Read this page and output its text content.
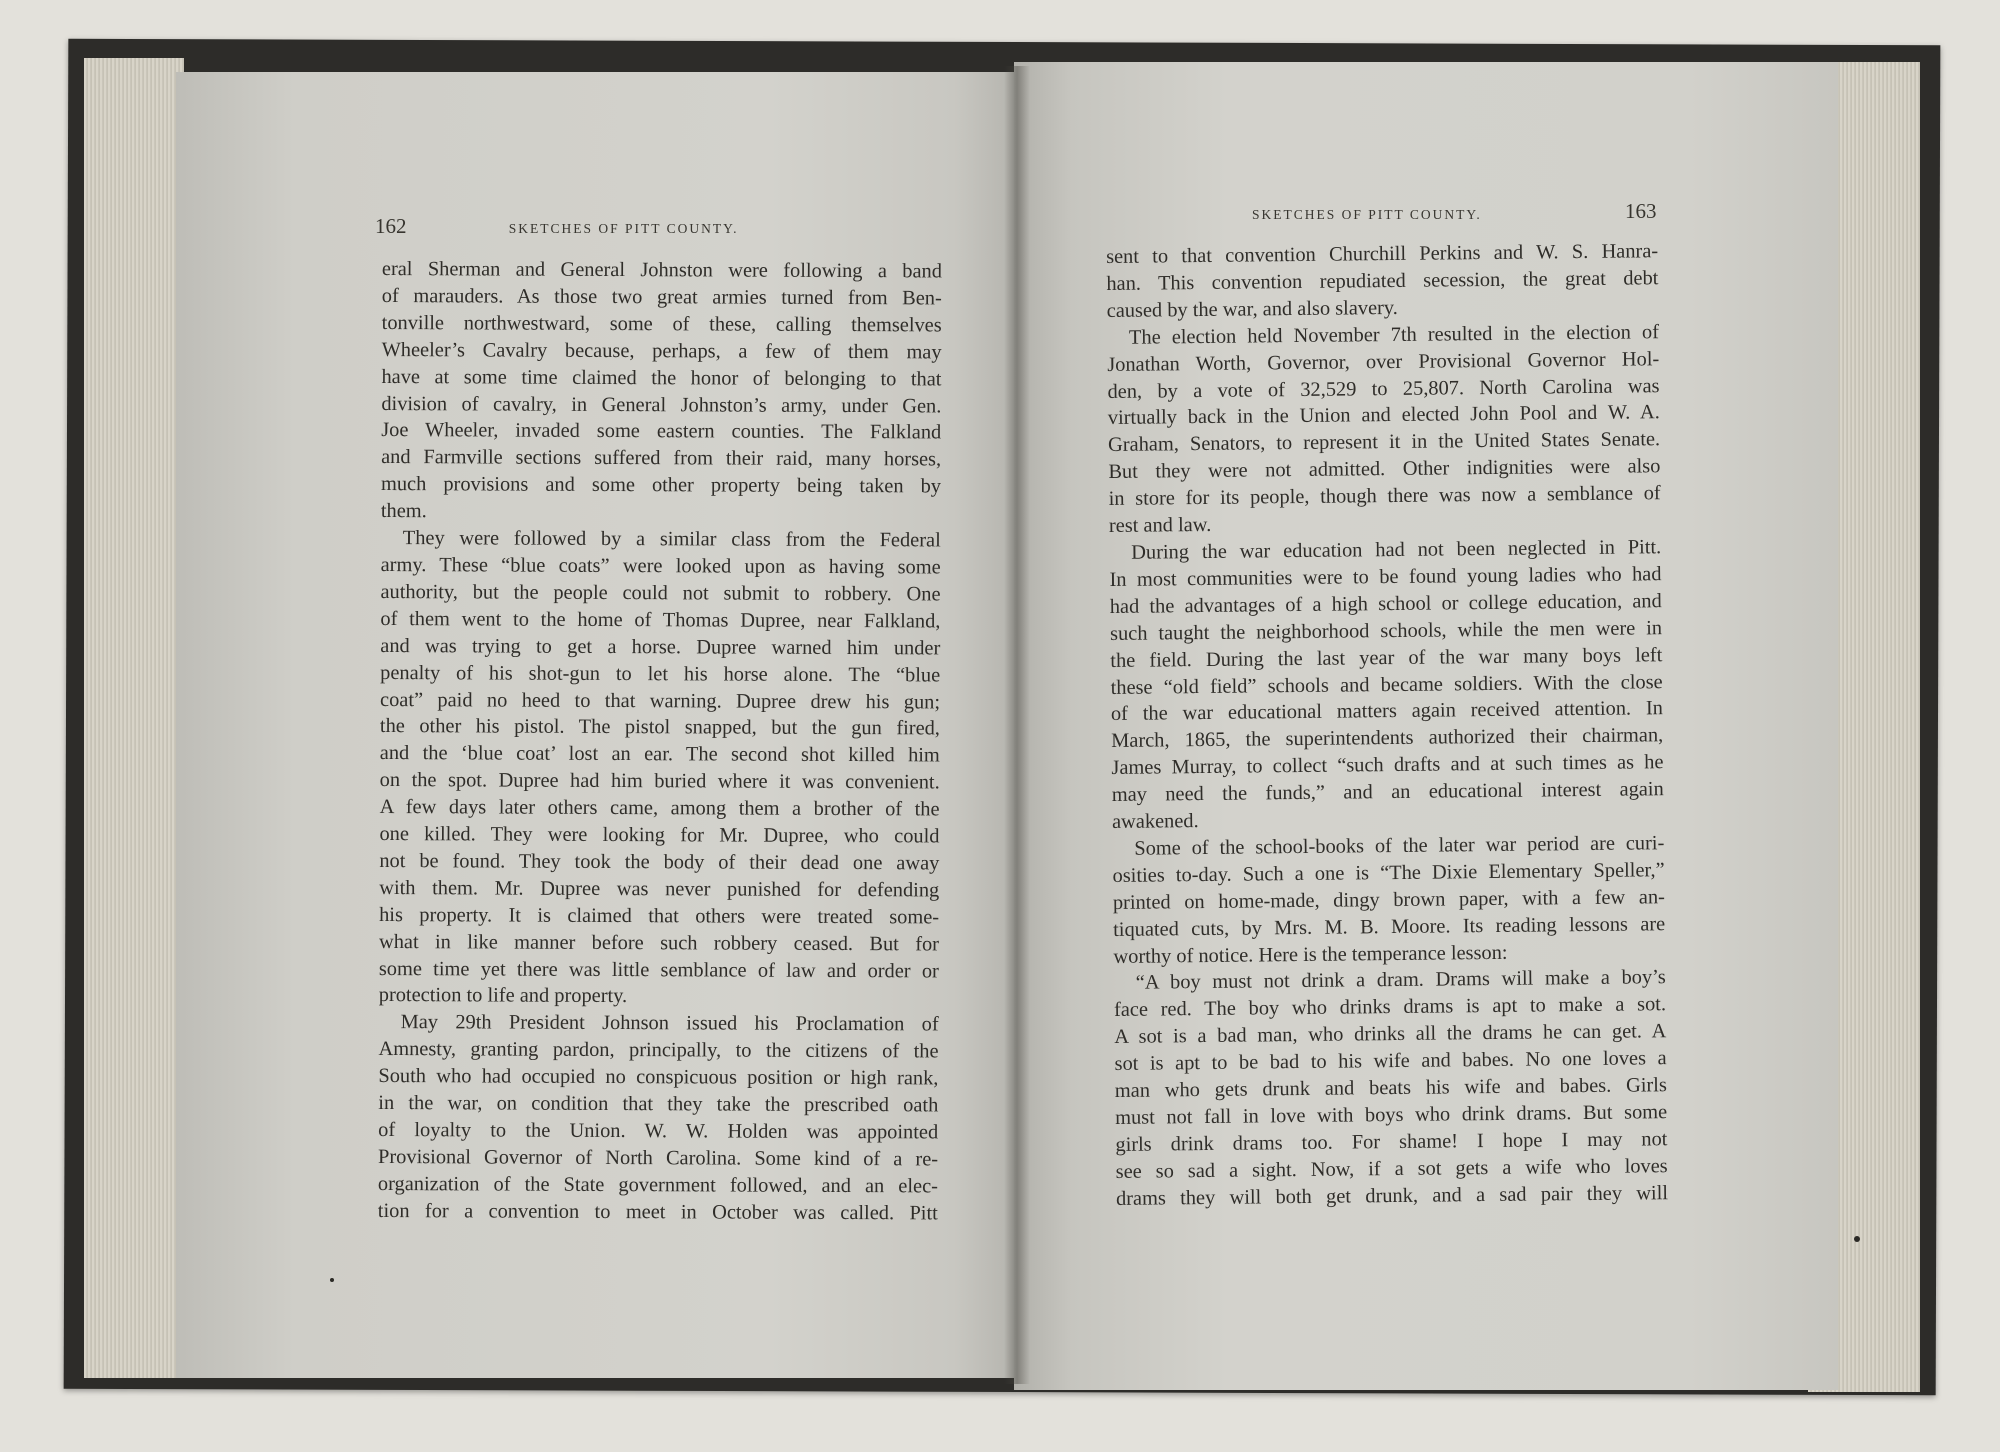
162	SKETCHES OF PITT COUNTY.
SKETCHES OF PITT COUNTY.	163
eral Sherman and General Johnston were following a band
of marauders. As those two great armies turned from Ben-
tonville northwestward, some of these, calling themselves
Wheeler’s Cavalry because, perhaps, a few of them may
have at some time claimed the honor of belonging to that
division of cavalry, in General Johnston’s army, under Gen.
Joe Wheeler, invaded some eastern counties. The Falkland
and Farmville sections suffered from their raid, many horses,
much provisions and some other property being taken by
them.
They were followed by a similar class from the Federal
army. These “blue coats” were looked upon as having some
authority, but the people could not submit to robbery. One
of them went to the home of Thomas Dupree, near Falkland,
and was trying to get a horse. Dupree warned him under
penalty of his shot-gun to let his horse alone. The “blue
coat” paid no heed to that warning. Dupree drew his gun;
the other his pistol. The pistol snapped, but the gun fired,
and the ‘blue coat’ lost an ear. The second shot killed him
on the spot. Dupree had him buried where it was convenient.
A few days later others came, among them a brother of the
one killed. They were looking for Mr. Dupree, who could
not be found. They took the body of their dead one away
with them. Mr. Dupree was never punished for defending
his property. It is claimed that others were treated some-
what in like manner before such robbery ceased. But for
some time yet there was little semblance of law and order or
protection to life and property.
May 29th President Johnson issued his Proclamation of
Amnesty, granting pardon, principally, to the citizens of the
South who had occupied no conspicuous position or high rank,
in the war, on condition that they take the prescribed oath
of loyalty to the Union. W. W. Holden was appointed
Provisional Governor of North Carolina. Some kind of a re-
organization of the State government followed, and an elec-
tion for a convention to meet in October was called. Pitt
sent to that convention Churchill Perkins and W. S. Hanra-
han. This convention repudiated secession, the great debt
caused by the war, and also slavery.
The election held November 7th resulted in the election of
Jonathan Worth, Governor, over Provisional Governor Hol-
den, by a vote of 32,529 to 25,807. North Carolina was
virtually back in the Union and elected John Pool and W. A.
Graham, Senators, to represent it in the United States Senate.
But they were not admitted. Other indignities were also
in store for its people, though there was now a semblance of
rest and law.
During the war education had not been neglected in Pitt.
In most communities were to be found young ladies who had
had the advantages of a high school or college education, and
such taught the neighborhood schools, while the men were in
the field. During the last year of the war many boys left
these “old field” schools and became soldiers. With the close
of the war educational matters again received attention. In
March, 1865, the superintendents authorized their chairman,
James Murray, to collect “such drafts and at such times as he
may need the funds,” and an educational interest again
awakened.
Some of the school-books of the later war period are curi-
osities to-day. Such a one is “The Dixie Elementary Speller,”
printed on home-made, dingy brown paper, with a few an-
tiquated cuts, by Mrs. M. B. Moore. Its reading lessons are
worthy of notice. Here is the temperance lesson:
“A boy must not drink a dram. Drams will make a boy’s
face red. The boy who drinks drams is apt to make a sot.
A sot is a bad man, who drinks all the drams he can get. A
sot is apt to be bad to his wife and babes. No one loves a
man who gets drunk and beats his wife and babes. Girls
must not fall in love with boys who drink drams. But some
girls drink drams too. For shame! I hope I may not
see so sad a sight. Now, if a sot gets a wife who loves
drams they will both get drunk, and a sad pair they will
